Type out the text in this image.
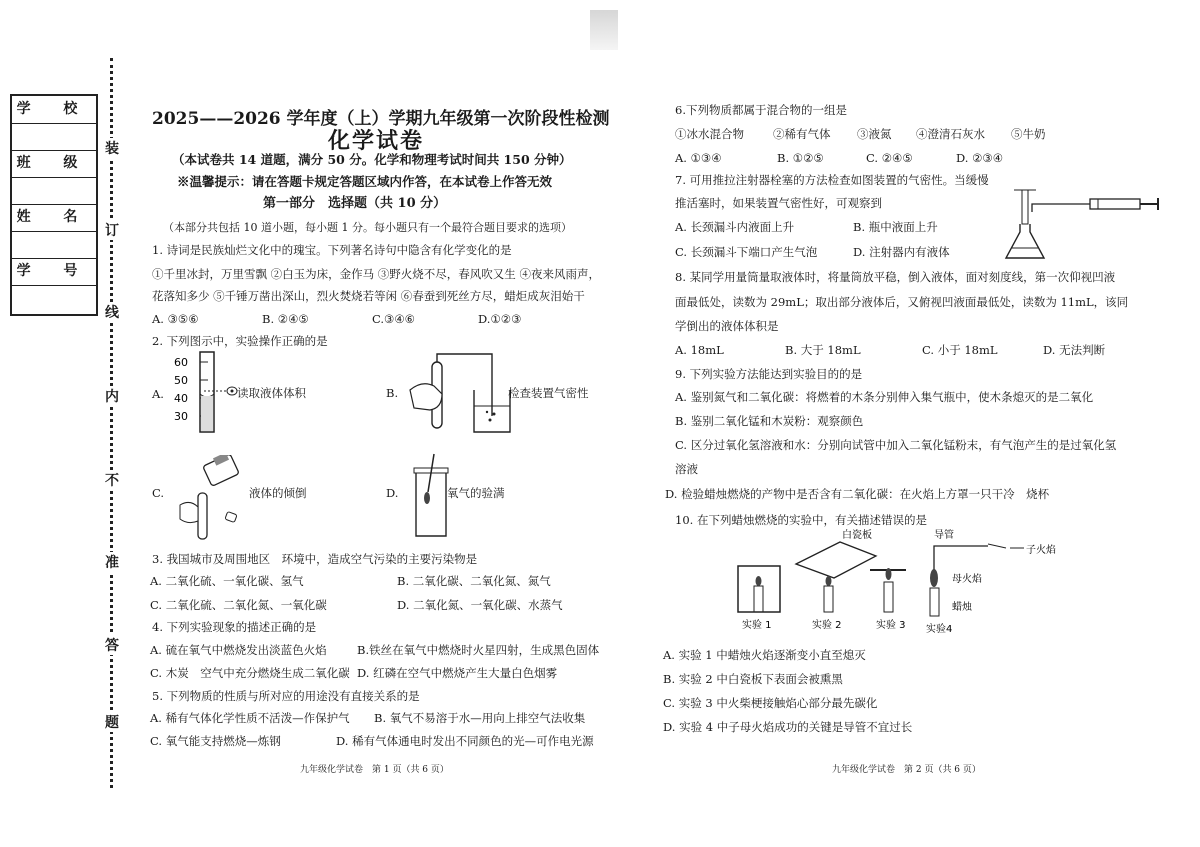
学 校
班 级
姓 名
学 号
装
订
线
内
不
准
答
题
2025——2026 学年度（上）学期九年级第一次阶段性检测
化学试卷
（本试卷共 14 道题，满分 50 分。化学和物理考试时间共 150 分钟）
※温馨提示：请在答题卡规定答题区域内作答，在本试卷上作答无效
第一部分　选择题（共 10 分）
（本部分共包括 10 道小题，每小题 1 分。每小题只有一个最符合题目要求的选项）
1. 诗词是民族灿烂文化中的瑰宝。下列著名诗句中隐含有化学变化的是
①千里冰封，万里雪飘 ②白玉为床，金作马 ③野火烧不尽，春风吹又生 ④夜来风雨声，
花落知多少 ⑤千锤万凿出深山，烈火焚烧若等闲 ⑥春蚕到死丝方尽，蜡炬成灰泪始干
A. ③⑤⑥	B. ②④⑤	C.③④⑥	D.①②③
2. 下列图示中，实验操作正确的是
A.
60
50
40
30
读取液体体积	B.	检查装置气密性
C.	液体的倾倒	D.	氧气的验满
3. 我国城市及周围地区　环境中，造成空气污染的主要污染物是
A. 二氧化硫、一氧化碳、氢气	B. 二氧化碳、二氧化氮、氮气
C. 二氧化硫、二氧化氮、一氧化碳	D. 二氧化氮、一氧化碳、水蒸气
4. 下列实验现象的描述正确的是
A. 硫在氧气中燃烧发出淡蓝色火焰	B.铁丝在氧气中燃烧时火星四射，生成黑色固体
C. 木炭　空气中充分燃烧生成二氧化碳 D. 红磷在空气中燃烧产生大量白色烟雾
5. 下列物质的性质与所对应的用途没有直接关系的是
A. 稀有气体化学性质不活泼—作保护气 B. 氧气不易溶于水—用向上排空气法收集
C. 氧气能支持燃烧—炼钢	D. 稀有气体通电时发出不同颜色的光—可作电光源
九年级化学试卷　第 1 页（共 6 页）
6.下列物质都属于混合物的一组是
①冰水混合物	②稀有气体 ③液氮 ④澄清石灰水 ⑤牛奶
A. ①③④	B. ①②⑤	C. ②④⑤	D. ②③④
7. 可用推拉注射器栓塞的方法检查如图装置的气密性。当缓慢
推活塞时，如果装置气密性好，可观察到
A. 长颈漏斗内液面上升	B. 瓶中液面上升
C. 长颈漏斗下端口产生气泡	D. 注射器内有液体
8. 某同学用量筒量取液体时，将量筒放平稳，倒入液体，面对刻度线，第一次仰视凹液
面最低处，读数为 29mL；取出部分液体后，又俯视凹液面最低处，读数为 11mL，该同
学倒出的液体体积是
A. 18mL	B. 大于 18mL	C. 小于 18mL	D. 无法判断
9. 下列实验方法能达到实验目的的是
A. 鉴别氮气和二氧化碳：将燃着的木条分别伸入集气瓶中，使木条熄灭的是二氧化
B. 鉴别二氧化锰和木炭粉：观察颜色
C. 区分过氧化氢溶液和水：分别向试管中加入二氧化锰粉末，有气泡产生的是过氧化氢
溶液
D. 检验蜡烛燃烧的产物中是否含有二氧化碳：在火焰上方罩一只干冷　烧杯
10. 在下列蜡烛燃烧的实验中，有关描述错误的是
实验 1
白瓷板
实验 2	实验 3
导管
子火焰
母火焰
蜡烛
实验4
A. 实验 1 中蜡烛火焰逐渐变小直至熄灭
B. 实验 2 中白瓷板下表面会被熏黑
C. 实验 3 中火柴梗接触焰心部分最先碳化
D. 实验 4 中子母火焰成功的关键是导管不宜过长
九年级化学试卷　第 2 页（共 6 页）
